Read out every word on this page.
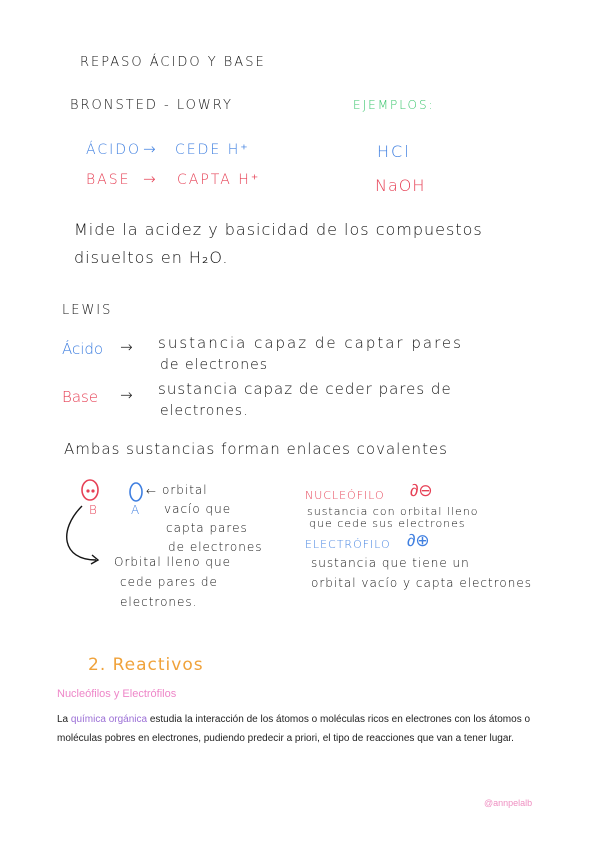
REPASO ÁCIDO Y BASE
BRONSTED - LOWRY	EJEMPLOS:
ÁCIDO → CEDE H⁺	HCl
BASE → CAPTA H⁺	NaOH
Mide la acidez y basicidad de los compuestos
disueltos en H₂O.
LEWIS
Ácido → sustancia capaz de captar pares
de electrones
Base → sustancia capaz de ceder pares de
electrones.
Ambas sustancias forman enlaces covalentes
B	A
← orbital
vacío que
capta pares
de electrones
Orbital lleno que
cede pares de
electrones.
NUCLEÓFILO ∂⊖
sustancia con orbital lleno
que cede sus electrones
ELECTRÓFILO ∂⊕
sustancia que tiene un
orbital vacío y capta electrones
2. Reactivos
Nucleófilos y Electrófilos
La química orgánica estudia la interacción de los átomos o moléculas ricos en electrones con los átomos o moléculas pobres en electrones, pudiendo predecir a priori, el tipo de reacciones que van a tener lugar.
@annpelalb
